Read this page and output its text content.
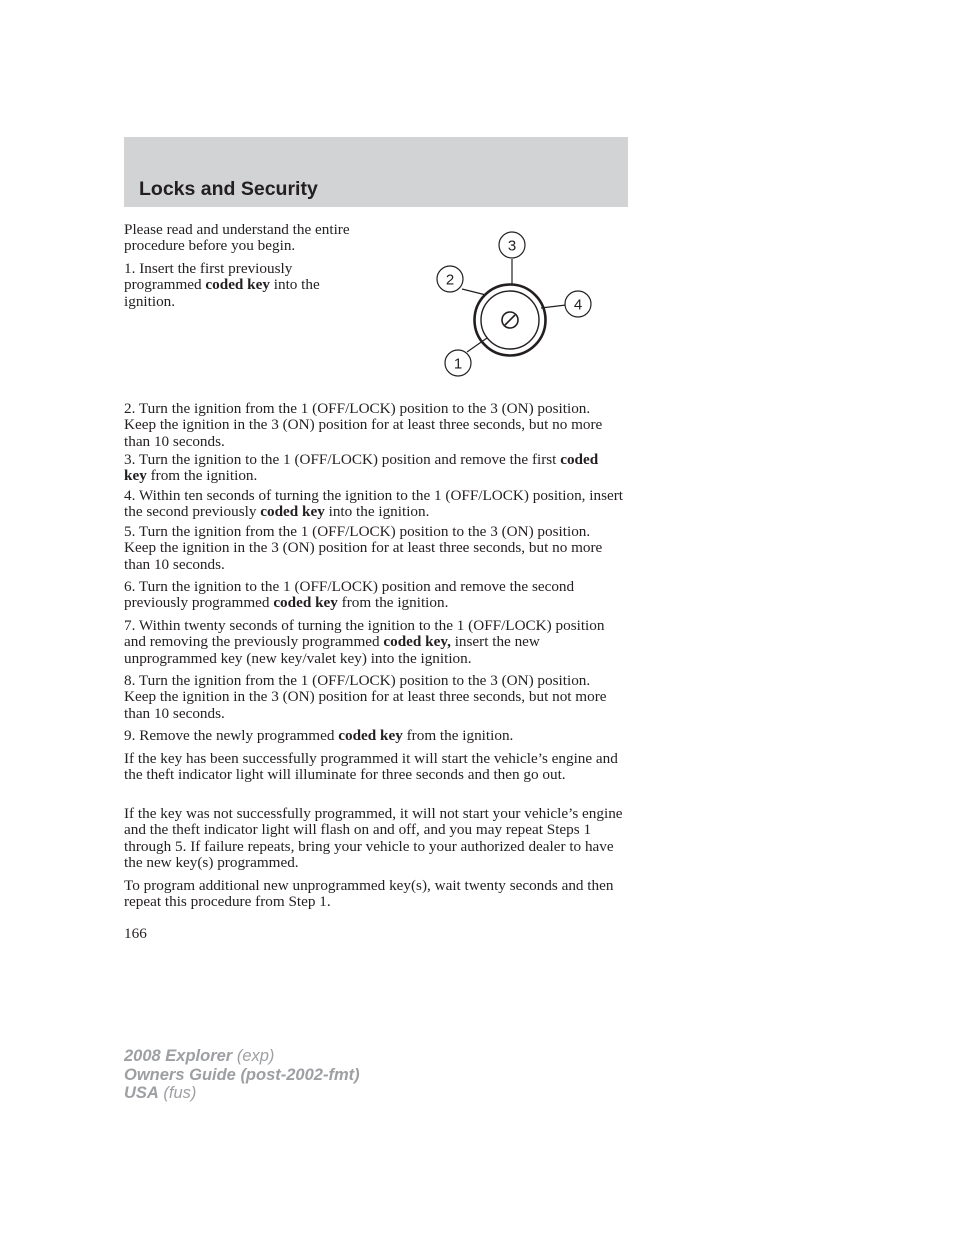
Locks and Security

Please read and understand the entire procedure before you begin.

1. Insert the first previously programmed coded key into the ignition.

3
2
4
1

2. Turn the ignition from the 1 (OFF/LOCK) position to the 3 (ON) position. Keep the ignition in the 3 (ON) position for at least three seconds, but no more than 10 seconds.

3. Turn the ignition to the 1 (OFF/LOCK) position and remove the first coded key from the ignition.

4. Within ten seconds of turning the ignition to the 1 (OFF/LOCK) position, insert the second previously coded key into the ignition.

5. Turn the ignition from the 1 (OFF/LOCK) position to the 3 (ON) position. Keep the ignition in the 3 (ON) position for at least three seconds, but no more than 10 seconds.

6. Turn the ignition to the 1 (OFF/LOCK) position and remove the second previously programmed coded key from the ignition.

7. Within twenty seconds of turning the ignition to the 1 (OFF/LOCK) position and removing the previously programmed coded key, insert the new unprogrammed key (new key/valet key) into the ignition.

8. Turn the ignition from the 1 (OFF/LOCK) position to the 3 (ON) position. Keep the ignition in the 3 (ON) position for at least three seconds, but not more than 10 seconds.

9. Remove the newly programmed coded key from the ignition.

If the key has been successfully programmed it will start the vehicle’s engine and the theft indicator light will illuminate for three seconds and then go out.

If the key was not successfully programmed, it will not start your vehicle’s engine and the theft indicator light will flash on and off, and you may repeat Steps 1 through 5. If failure repeats, bring your vehicle to your authorized dealer to have the new key(s) programmed.

To program additional new unprogrammed key(s), wait twenty seconds and then repeat this procedure from Step 1.

166

2008 Explorer (exp)
Owners Guide (post-2002-fmt)
USA (fus)
